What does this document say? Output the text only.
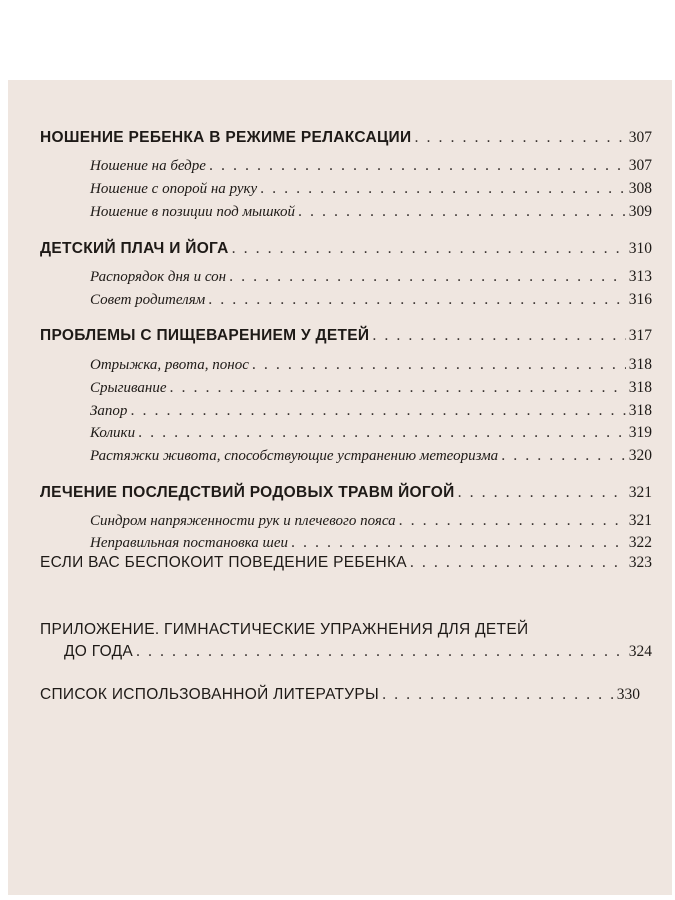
НОШЕНИЕ РЕБЕНКА В РЕЖИМЕ РЕЛАКСАЦИИ . . .	307
Ношение на бедре . . .	307
Ношение с опорой на руку . . .	308
Ношение в позиции под мышкой . . .	309
ДЕТСКИЙ ПЛАЧ И ЙОГА . . .	310
Распорядок дня и сон . . .	313
Совет родителям . . .	316
ПРОБЛЕМЫ С ПИЩЕВАРЕНИЕМ У ДЕТЕЙ . . .	317
Отрыжка, рвота, понос . . .	318
Срыгивание . . .	318
Запор . . .	318
Колики . . .	319
Растяжки живота, способствующие устранению метеоризма . . .	320
ЛЕЧЕНИЕ ПОСЛЕДСТВИЙ РОДОВЫХ ТРАВМ ЙОГОЙ . . .	321
Синдром напряженности рук и плечевого пояса . . .	321
Неправильная постановка шеи . . .	322
ЕСЛИ ВАС БЕСПОКОИТ ПОВЕДЕНИЕ РЕБЕНКА . . .	323
ПРИЛОЖЕНИЕ. ГИМНАСТИЧЕСКИЕ УПРАЖНЕНИЯ ДЛЯ ДЕТЕЙ
ДО ГОДА . . .	324
СПИСОК ИСПОЛЬЗОВАННОЙ ЛИТЕРАТУРЫ . . .	330
